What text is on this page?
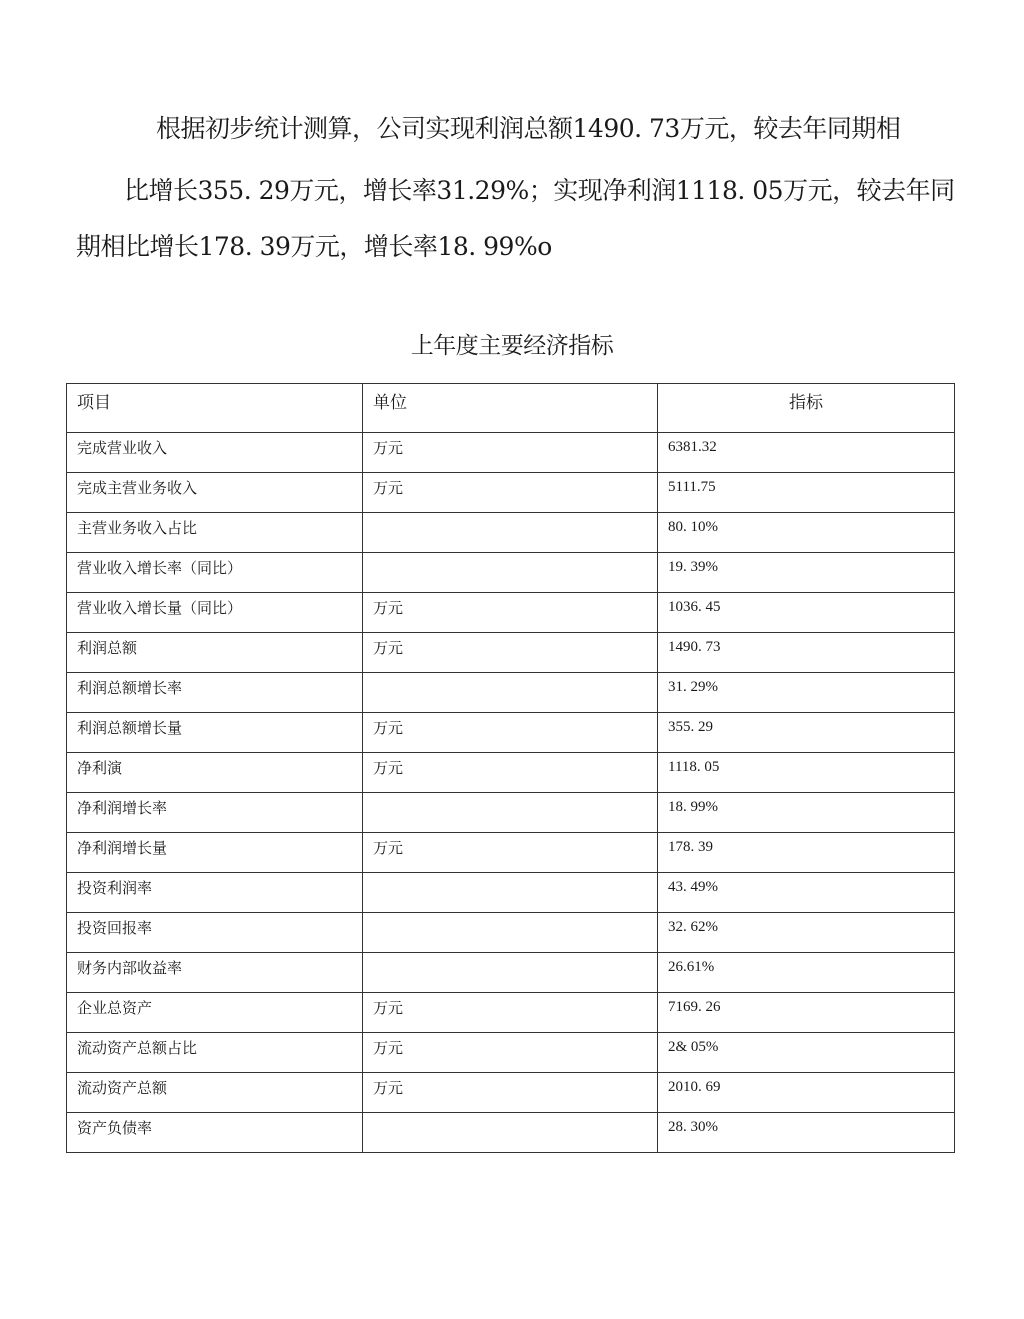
根据初步统计测算，公司实现利润总额1490. 73万元，较去年同期相
比增长355. 29万元，增长率31.29%；实现净利润1118. 05万元，较去年同
期相比增长178. 39万元，增长率18. 99%o
上年度主要经济指标
项目	单位	指标
完成营业收入	万元	6381.32
完成主营业务收入	万元	5111.75
主营业务收入占比		80. 10%
营业收入增长率（同比）		19. 39%
营业收入增长量（同比）	万元	1036. 45
利润总额	万元	1490. 73
利润总额增长率		31. 29%
利润总额增长量	万元	355. 29
净利演	万元	1118. 05
净利润增长率		18. 99%
净利润增长量	万元	178. 39
投资利润率		43. 49%
投资回报率		32. 62%
财务内部收益率		26.61%
企业总资产	万元	7169. 26
流动资产总额占比	万元	2& 05%
流动资产总额	万元	2010. 69
资产负债率		28. 30%
